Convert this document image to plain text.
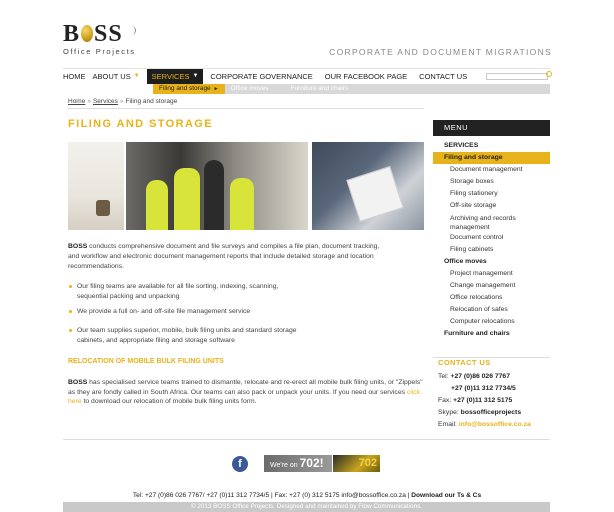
B SS
Office Projects	CORPORATE AND DOCUMENT MIGRATIONS
HOME ABOUT US ▼ SERVICES ▼ CORPORATE GOVERNANCE OUR FACEBOOK PAGE CONTACT US
Filing and storage ►	Office moves	Furniture and chairs
Home » Services » Filing and storage
FILING AND STORAGE
BOSS conducts comprehensive document and file surveys and compiles a file plan, document tracking, and workflow and electronic document management reports that include detailed storage and location recommendations.
Our filing teams are available for all file sorting, indexing, scanning, sequential packing and unpacking
We provide a full on- and off-site file management service
Our team supplies superior, mobile, bulk filing units and standard storage cabinets, and appropriate filing and storage software
RELOCATION OF MOBILE BULK FILING UNITS
BOSS has specialised service teams trained to dismantle, relocate and re-erect all mobile bulk filing units, or "Zippels" as they are fondly called in South Africa. Our teams can also pack or unpack your units. If you need our services click here to download our relocation of mobile bulk filing units form.
MENU
SERVICES
Filing and storage
Document management
Storage boxes
Filing stationery
Off-site storage
Archiving and records management
Document control
Filing cabinets
Office moves
Project management
Change management
Office relocations
Relocation of safes
Computer relocations
Furniture and chairs
CONTACT US
Tel: +27 (0)86 026 7767
+27 (0)11 312 7734/5
Fax: +27 (0)11 312 5175
Skype: bossofficeprojects
Email: info@bossoffice.co.za
f	We're on 702!	702
Tel: +27 (0)86 026 7767/ +27 (0)11 312 7734/5 | Fax: +27 (0) 312 5175 info@bossoffice.co.za | Download our Ts & Cs
© 2013 BOSS Office Projects. Designed and maintained by Flow Communications.
